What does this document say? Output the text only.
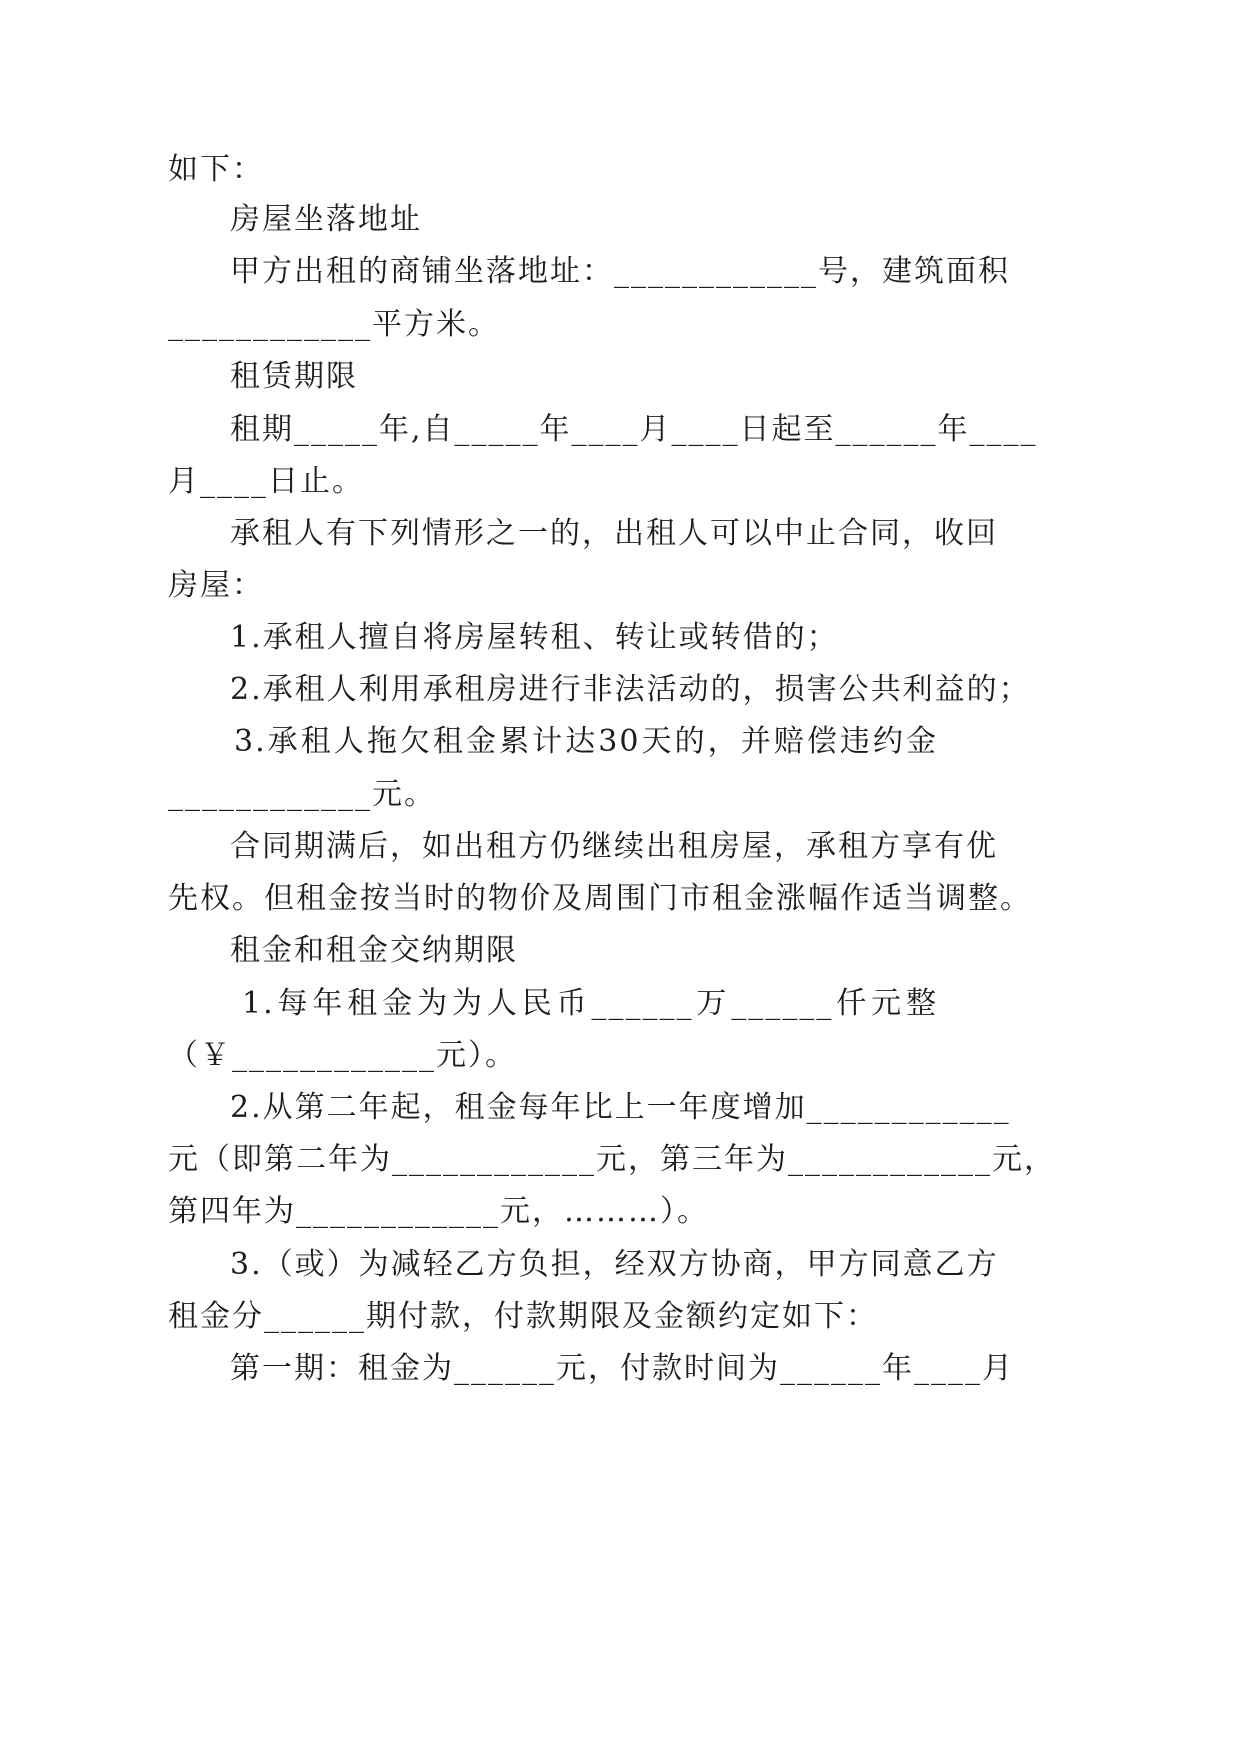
如下：
房屋坐落地址
甲方出租的商铺坐落地址：____________号，建筑面积
____________平方米。
租赁期限
租期_____年,自_____年____月____日起至______年____
月____日止。
承租人有下列情形之一的，出租人可以中止合同，收回
房屋：
1.承租人擅自将房屋转租、转让或转借的；
2.承租人利用承租房进行非法活动的，损害公共利益的；
3.承租人拖欠租金累计达30天的，并赔偿违约金
____________元。
合同期满后，如出租方仍继续出租房屋，承租方享有优
先权。但租金按当时的物价及周围门市租金涨幅作适当调整。
租金和租金交纳期限
1.每年租金为为人民币______万______仟元整
（￥____________元）。
2.从第二年起，租金每年比上一年度增加____________
元（即第二年为____________元，第三年为____________元，
第四年为____________元，………）。
3.（或）为减轻乙方负担，经双方协商，甲方同意乙方
租金分______期付款，付款期限及金额约定如下：
第一期：租金为______元，付款时间为______年____月
